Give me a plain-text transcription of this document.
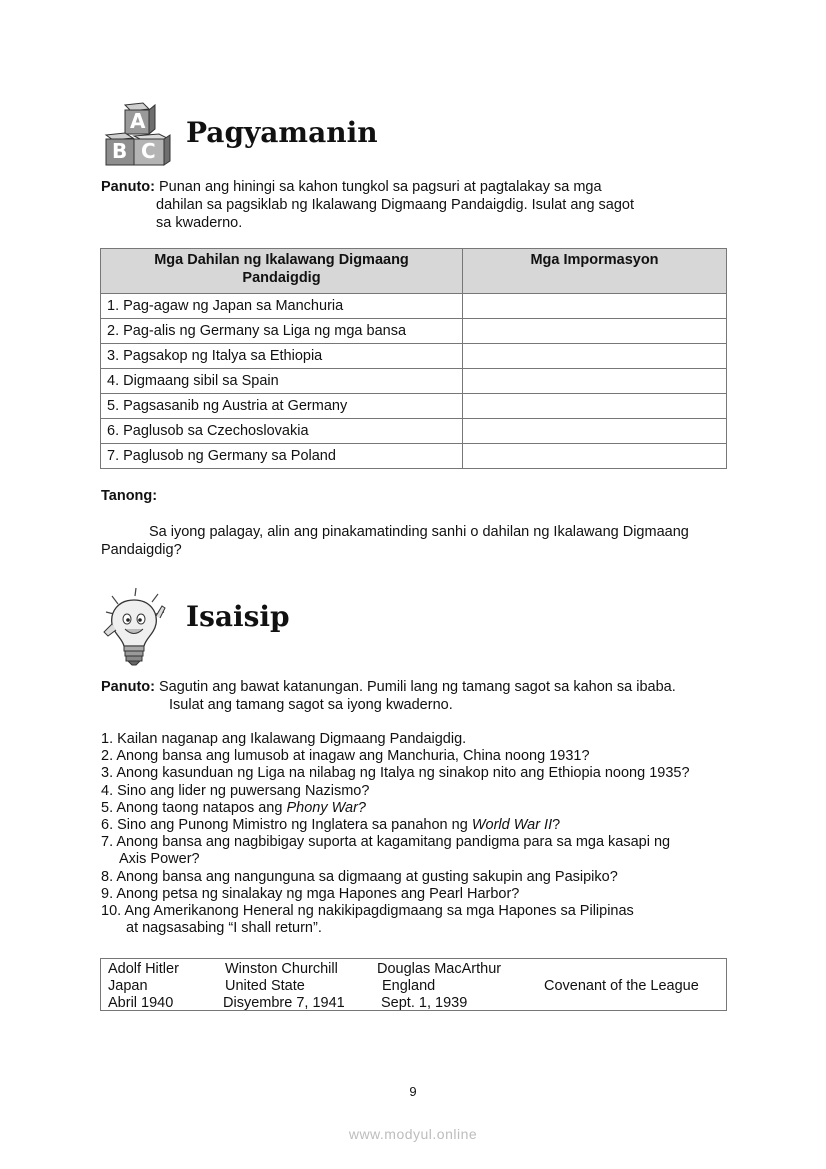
A
B C
Pagyamanin
Panuto: Punan ang hiningi sa kahon tungkol sa pagsuri at pagtalakay sa mga
dahilan sa pagsiklab ng Ikalawang Digmaang Pandaigdig. Isulat ang sagot
sa kwaderno.
Mga Dahilan ng Ikalawang Digmaang
Pandaigdig	Mga Impormasyon
1. Pag-agaw ng Japan sa Manchuria	
2. Pag-alis ng Germany sa Liga ng mga bansa	
3. Pagsakop ng Italya sa Ethiopia	
4. Digmaang sibil sa Spain	
5. Pagsasanib ng Austria at Germany	
6. Paglusob sa Czechoslovakia	
7. Paglusob ng Germany sa Poland	
Tanong:
Sa iyong palagay, alin ang pinakamatinding sanhi o dahilan ng Ikalawang Digmaang
Pandaigdig?
Isaisip
Panuto: Sagutin ang bawat katanungan. Pumili lang ng tamang sagot sa kahon sa ibaba.
Isulat ang tamang sagot sa iyong kwaderno.
1. Kailan naganap ang Ikalawang Digmaang Pandaigdig.
2. Anong bansa ang lumusob at inagaw ang Manchuria, China noong 1931?
3. Anong kasunduan ng Liga na nilabag ng Italya ng sinakop nito ang Ethiopia noong 1935?
4. Sino ang lider ng puwersang Nazismo?
5. Anong taong natapos ang Phony War?
6. Sino ang Punong Mimistro ng Inglatera sa panahon ng World War II?
7. Anong bansa ang nagbibigay suporta at kagamitang pandigma para sa mga kasapi ng
Axis Power?
8. Anong bansa ang nangunguna sa digmaang at gusting sakupin ang Pasipiko?
9. Anong petsa ng sinalakay ng mga Hapones ang Pearl Harbor?
10. Ang Amerikanong Heneral ng nakikipagdigmaang sa mga Hapones sa Pilipinas
at nagsasabing “I shall return”.
Adolf Hitler	Winston Churchill	Douglas MacArthur
Japan	United State	England	Covenant of the League
Abril 1940	Disyembre 7, 1941	Sept. 1, 1939
9
www.modyul.online
